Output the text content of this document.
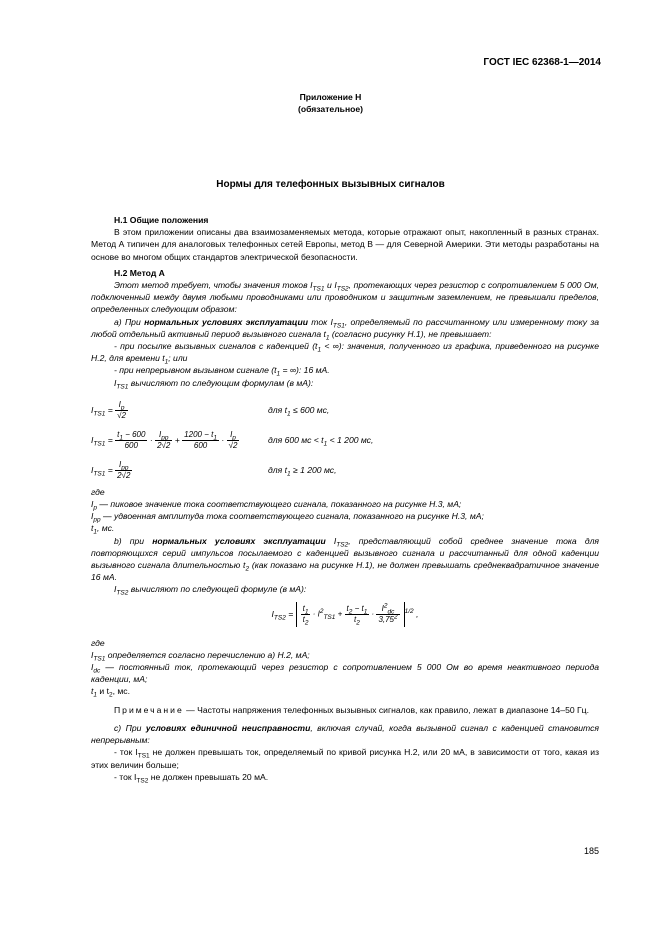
ГОСТ IEC 62368-1—2014
Приложение Н
(обязательное)
Нормы для телефонных вызывных сигналов

Н.1 Общие положения

В этом приложении описаны два взаимозаменяемых метода, которые отражают опыт, накопленный в разных странах. Метод А типичен для аналоговых телефонных сетей Европы, метод В — для Северной Америки. Эти методы разработаны на основе во многом общих стандартов электрической безопасности.

Н.2 Метод А

Этот метод требует, чтобы значения токов $I_{TS1}$ и $I_{TS2}$, протекающих через резистор с сопротивлением 5 000 Ом, подключенный между двумя любыми проводниками или проводником и защитным заземлением, не превышали пределов, определенных следующим образом:

а) При нормальных условиях эксплуатации ток $I_{TS1}$, определяемый по рассчитанному или измеренному току за любой отдельный активный период вызывного сигнала $t_1$ (согласно рисунку Н.1), не превышает:

- при посылке вызывных сигналов с каденцией ($t_1$ < ∞): значения, полученного из графика, приведенного на рисунке Н.2, для времени $t_1$; или

- при непрерывном вызывном сигнале ($t_1$ = ∞): 16 мА.

$I_{TS1}$ вычисляют по следующим формулам (в мА):

$I_{TS1} = \frac{I_p}{√2}$	для $t_1 \le 600$ мс,
$I_{TS1} = \frac{t_1 - 600}{600} \cdot \frac{I_{pp}}{2√2} + \frac{1200 - t_1}{600} \cdot \frac{I_p}{√2}$	для 600 мс < $t_1 < 1$ 200 мс,
$I_{TS1} = \frac{I_{pp}}{2√2}$	для $t_1 \ge 1$ 200 мс,

где

$I_p$ — пиковое значение тока соответствующего сигнала, показанного на рисунке Н.3, мА;

$I_{pp}$ — удвоенная амплитуда тока соответствующего сигнала, показанного на рисунке Н.3, мА;

$t_1$, мс.

b) при нормальных условиях эксплуатации $I_{TS2}$, представляющий собой среднее значение тока для повторяющихся серий импульсов посылаемого с каденцией вызывного сигнала и рассчитанный для одной каденции вызывного сигнала длительностью $t_2$ (как показано на рисунке Н.1), не должен превышать среднеквадратичное значение 16 мА.

$I_{TS2}$ вычисляют по следующей формуле (в мА):

$I_{TS2} = \frac{t_1}{t_2} \cdot I^2_{TS1} + \frac{t_2 - t_1}{t_2} \cdot \frac{I^2_{dc}}{3,75^2} ^{1/2}$ ,

где

$I_{TS1}$ определяется согласно перечислению а) Н.2, мА;

$I_{dc}$ — постоянный ток, протекающий через резистор с сопротивлением 5 000 Ом во время неактивного периода каденции, мА;

$t_1$ и $t_2$, мс.

Примечание — Частоты напряжения телефонных вызывных сигналов, как правило, лежат в диапазоне 14–50 Гц.

с) При условиях единичной неисправности, включая случай, когда вызывной сигнал с каденцией становится непрерывным:

- ток $I_{TS1}$ не должен превышать ток, определяемый по кривой рисунка Н.2, или 20 мА, в зависимости от того, какая из этих величин больше;

- ток $I_{TS2}$ не должен превышать 20 мА.

185
